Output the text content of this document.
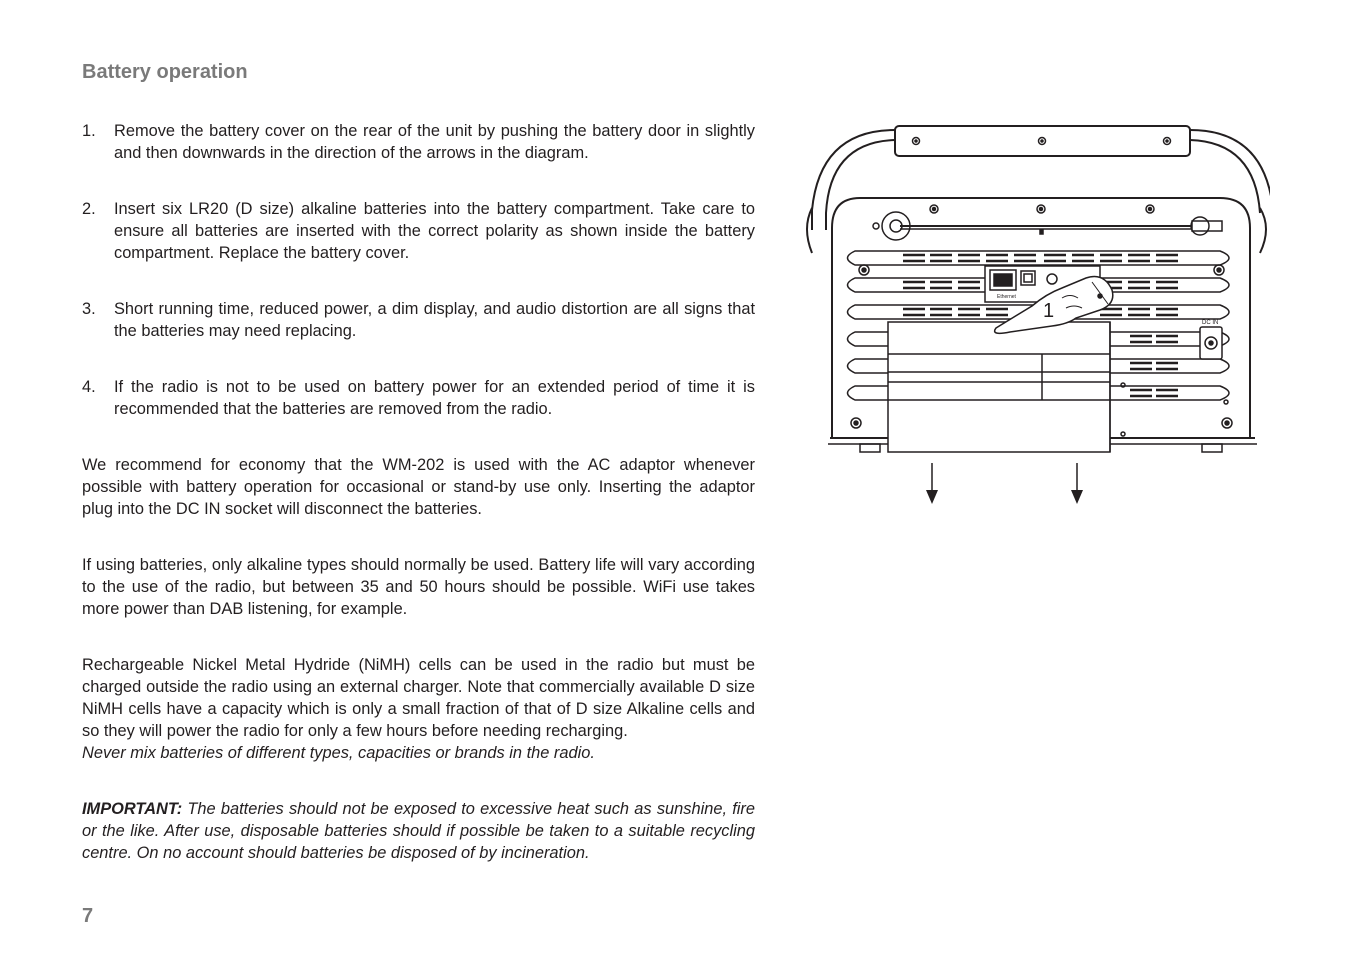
Battery operation
1. Remove the battery cover on the rear of the unit by pushing the battery door in slightly and then downwards in the direction of the arrows in the diagram.
2. Insert six LR20 (D size) alkaline batteries into the battery compartment. Take care to ensure all batteries are inserted with the correct polarity as shown inside the battery compartment. Replace the battery cover.
3. Short running time, reduced power, a dim display, and audio distortion are all signs that the batteries may need replacing.
4. If the radio is not to be used on battery power for an extended period of time it is recommended that the batteries are removed from the radio.

We recommend for economy that the WM-202 is used with the AC adaptor whenever possible with battery operation for occasional or stand-by use only. Inserting the adaptor plug into the DC IN socket will disconnect the batteries.

If using batteries, only alkaline types should normally be used. Battery life will vary according to the use of the radio, but between 35 and 50 hours should be possible. WiFi use takes more power than DAB listening, for example.

Rechargeable Nickel Metal Hydride (NiMH) cells can be used in the radio but must be charged outside the radio using an external charger. Note that commercially available D size NiMH cells have a capacity which is only a small fraction of that of D size Alkaline cells and so they will power the radio for only a few hours before needing recharging.
Never mix batteries of different types, capacities or brands in the radio.

IMPORTANT: The batteries should not be exposed to excessive heat such as sunshine, fire or the like. After use, disposable batteries should if possible be taken to a suitable recycling centre. On no account should batteries be disposed of by incineration.

7
Ethernet
DC IN
1
